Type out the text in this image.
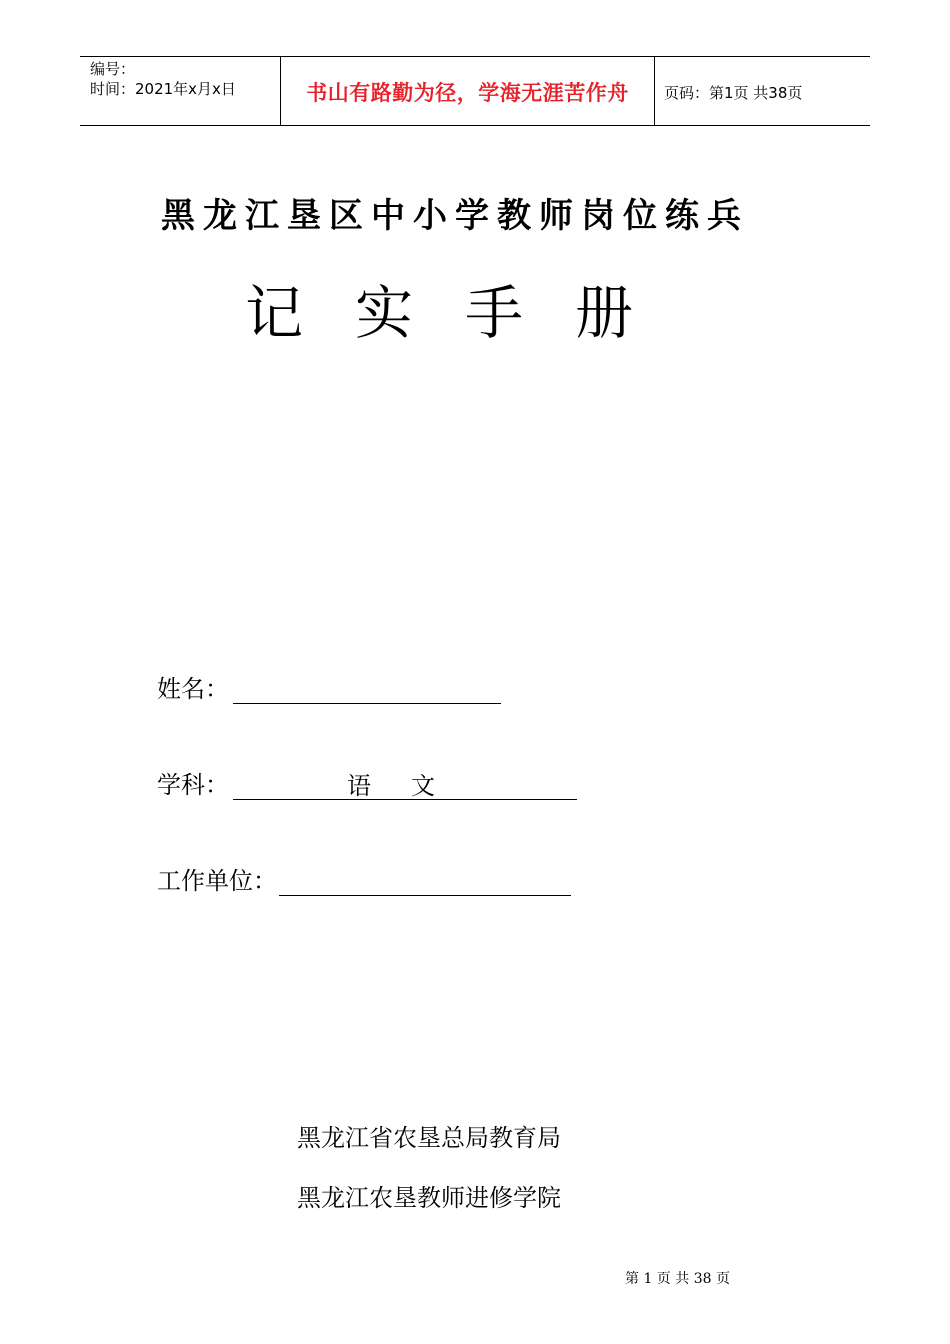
编号：
时间：2021年x月x日	书山有路勤为径，学海无涯苦作舟 页码：第1页 共38页
黑龙江垦区中小学教师岗位练兵
记实手册
姓名：
学科：	语文
工作单位：
黑龙江省农垦总局教育局
黑龙江农垦教师进修学院
第 1 页 共 38 页
